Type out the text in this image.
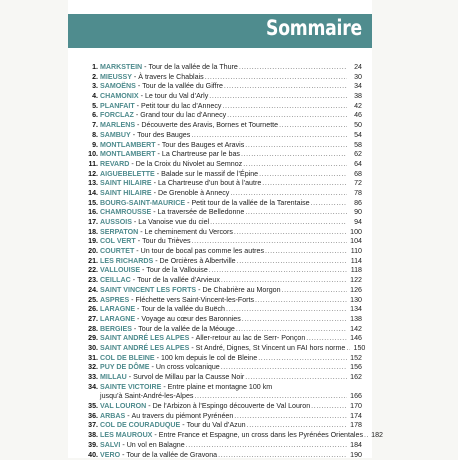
Sommaire
1. MARKSTEIN - Tour de la vallée de la Thure .....	24
2. MIEUSSY - À travers le Chablais .....	30
3. SAMOËNS - Tour de la vallée du Giffre .....	34
4. CHAMONIX - Le tour du Val d’Arly .....	38
5. PLANFAIT - Petit tour du lac d’Annecy .....	42
6. FORCLAZ - Grand tour du lac d’Annecy .....	46
7. MARLENS - Découverte des Aravis, Bornes et Tournette .....	50
8. SAMBUY - Tour des Bauges .....	54
9. MONTLAMBERT - Tour des Bauges et Aravis .....	58
10. MONTLAMBERT - La Chartreuse par le bas .....	62
11. REVARD - De la Croix du Nivolet au Semnoz .....	64
12. AIGUEBELETTE - Balade sur le massif de l’Épine .....	68
13. SAINT HILAIRE - La Chartreuse d’un bout à l’autre .....	72
14. SAINT HILAIRE - De Grenoble à Annecy .....	78
15. BOURG-SAINT-MAURICE - Petit tour de la vallée de la Tarentaise .....	86
16. CHAMROUSSE - La traversée de Belledonne .....	90
17. AUSSOIS - La Vanoise vue du ciel .....	94
18. SERPATON - Le cheminement du Vercors .....	100
19. COL VERT - Tour du Trièves .....	104
20. COURTET - Un tour de bocal pas comme les autres .....	110
21. LES RICHARDS - De Orcières à Albertville .....	114
22. VALLOUISE - Tour de la Vallouise .....	118
23. CEILLAC - Tour de la vallée d’Arvieux .....	122
24. SAINT VINCENT LES FORTS - De Chabrière au Morgon .....	126
25. ASPRES - Fléchette vers Saint-Vincent-les-Forts .....	130
26. LARAGNE - Tour de la vallée du Buëch .....	134
27. LARAGNE - Voyage au cœur des Baronnies .....	138
28. BERGIES - Tour de la vallée de la Méouge .....	142
29. SAINT ANDRÉ LES ALPES - Aller-retour au lac de Serr- Ponçon .....	146
30. SAINT ANDRÉ LES ALPES - St André, Dignes, St Vincent un FAI hors norme .....	150
31. COL DE BLEINE - 100 km depuis le col de Bleine .....	152
32. PUY DE DÔME - Un cross volcanique .....	156
33. MILLAU - Survol de Millau par la Causse Noir .....	162
34. SAINTE VICTOIRE - Entre plaine et montagne 100 km
jusqu’à Saint-André-les-Alpes .....	166
35. VAL LOURON - De l’Arbizon à l’Espingo découverte de Val Louron .....	170
36. ARBAS - Au travers du piémont Pyrénéen .....	174
37. COL DE COURADUQUE - Tour du Val d’Azun .....	178
38. LES MAUROUX - Entre France et Espagne, un cross dans les Pyrénées Orientales .....	182
39. SALVI - Un vol en Balagne .....	184
40. VERO - Tour de la vallée de Gravona .....	190
